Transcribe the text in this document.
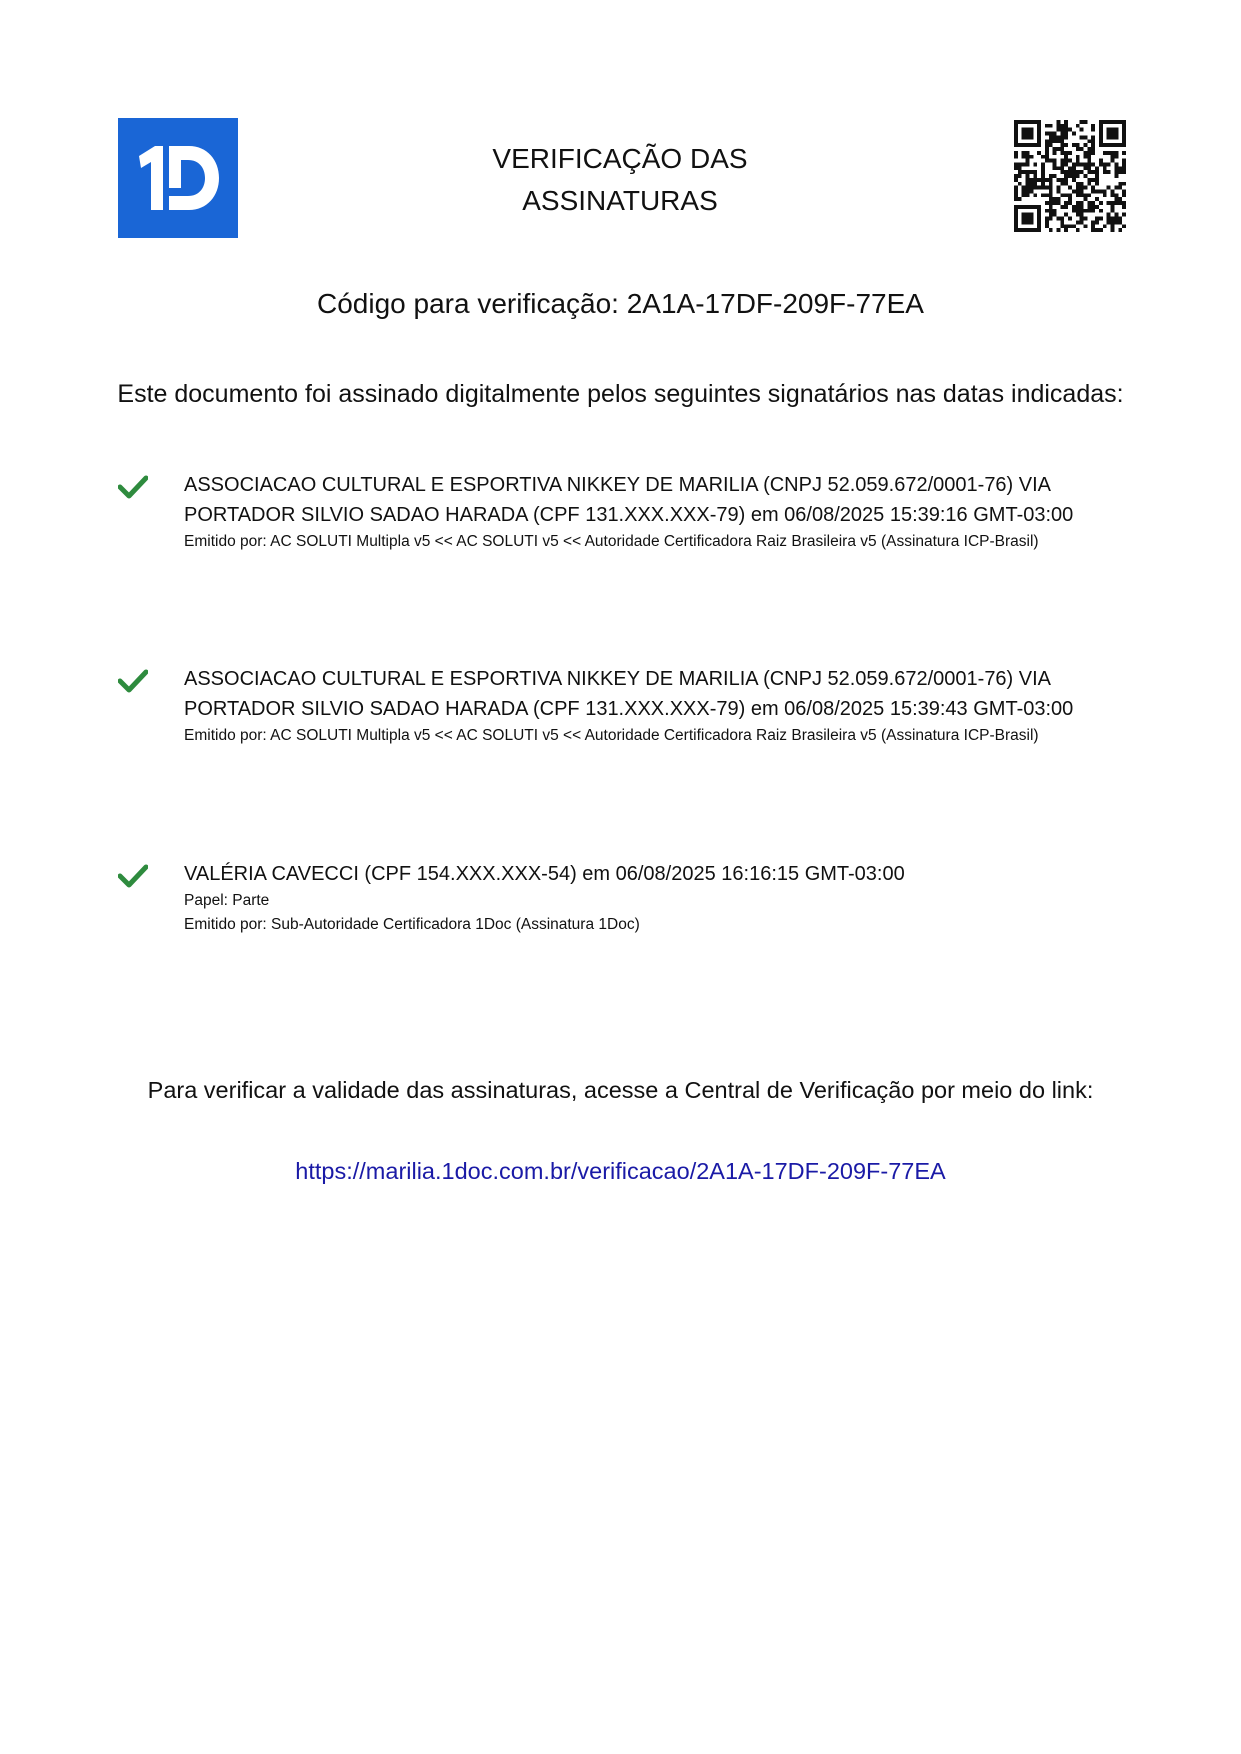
VERIFICAÇÃO DAS
ASSINATURAS
Código para verificação: 2A1A-17DF-209F-77EA
Este documento foi assinado digitalmente pelos seguintes signatários nas datas indicadas:
ASSOCIACAO CULTURAL E ESPORTIVA NIKKEY DE MARILIA (CNPJ 52.059.672/0001-76) VIA
PORTADOR SILVIO SADAO HARADA (CPF 131.XXX.XXX-79) em 06/08/2025 15:39:16 GMT-03:00
Emitido por: AC SOLUTI Multipla v5 << AC SOLUTI v5 << Autoridade Certificadora Raiz Brasileira v5 (Assinatura ICP-Brasil)
ASSOCIACAO CULTURAL E ESPORTIVA NIKKEY DE MARILIA (CNPJ 52.059.672/0001-76) VIA
PORTADOR SILVIO SADAO HARADA (CPF 131.XXX.XXX-79) em 06/08/2025 15:39:43 GMT-03:00
Emitido por: AC SOLUTI Multipla v5 << AC SOLUTI v5 << Autoridade Certificadora Raiz Brasileira v5 (Assinatura ICP-Brasil)
VALÉRIA CAVECCI (CPF 154.XXX.XXX-54) em 06/08/2025 16:16:15 GMT-03:00
Papel: Parte
Emitido por: Sub-Autoridade Certificadora 1Doc (Assinatura 1Doc)
Para verificar a validade das assinaturas, acesse a Central de Verificação por meio do link:
https://marilia.1doc.com.br/verificacao/2A1A-17DF-209F-77EA
